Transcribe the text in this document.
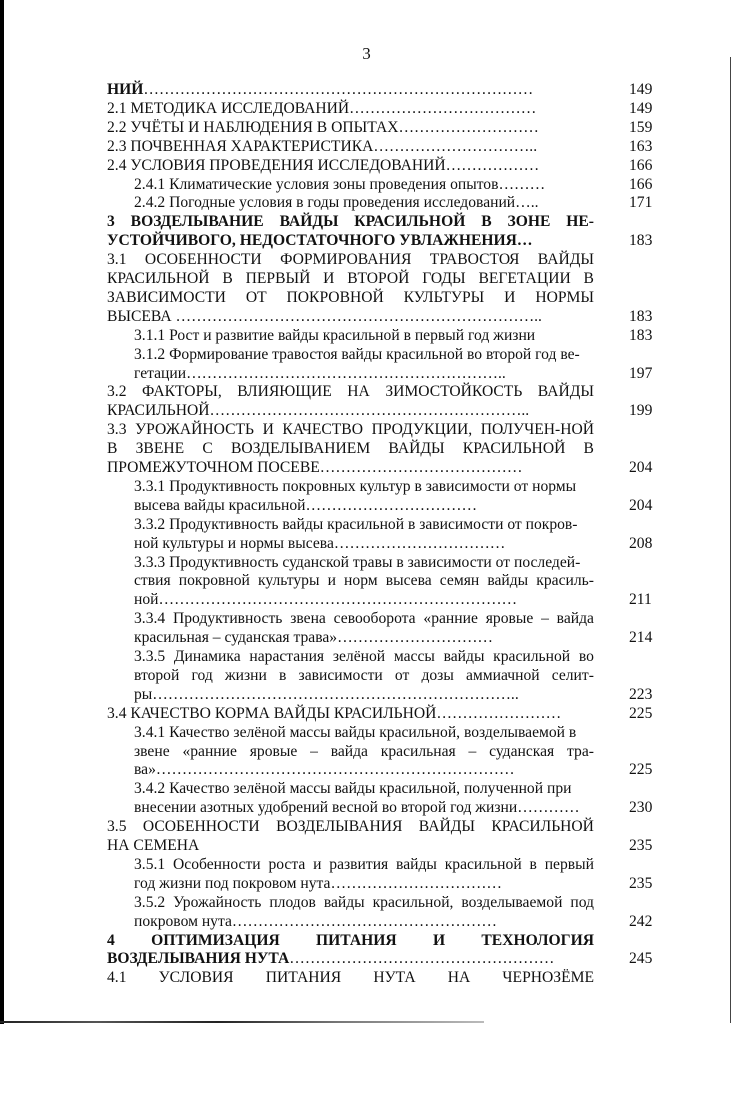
3
НИЙ…………………………………………………………………	149
2.1 МЕТОДИКА ИССЛЕДОВАНИЙ………………………………	149
2.2 УЧЁТЫ И НАБЛЮДЕНИЯ В ОПЫТАХ………………………	159
2.3 ПОЧВЕННАЯ ХАРАКТЕРИСТИКА…………………………..	163
2.4 УСЛОВИЯ ПРОВЕДЕНИЯ ИССЛЕДОВАНИЙ………………	166
2.4.1 Климатические условия зоны проведения опытов………	166
2.4.2 Погодные условия в годы проведения исследований…..	171
3 ВОЗДЕЛЫВАНИЕ ВАЙДЫ КРАСИЛЬНОЙ В ЗОНЕ НЕ-
УСТОЙЧИВОГО, НЕДОСТАТОЧНОГО УВЛАЖНЕНИЯ…	183
3.1 ОСОБЕННОСТИ ФОРМИРОВАНИЯ ТРАВОСТОЯ ВАЙДЫ
КРАСИЛЬНОЙ В ПЕРВЫЙ И ВТОРОЙ ГОДЫ ВЕГЕТАЦИИ В
ЗАВИСИМОСТИ ОТ ПОКРОВНОЙ КУЛЬТУРЫ И НОРМЫ
ВЫСЕВА ……………………………………………………………..	183
3.1.1 Рост и развитие вайды красильной в первый год жизни	183
3.1.2 Формирование травостоя вайды красильной во второй год ве-
гетации……………………………………………………..	197
3.2 ФАКТОРЫ, ВЛИЯЮЩИЕ НА ЗИМОСТОЙКОСТЬ ВАЙДЫ
КРАСИЛЬНОЙ……………………………………………………..	199
3.3 УРОЖАЙНОСТЬ И КАЧЕСТВО ПРОДУКЦИИ, ПОЛУЧЕН-НОЙ
В ЗВЕНЕ С ВОЗДЕЛЫВАНИЕМ ВАЙДЫ КРАСИЛЬНОЙ В
ПРОМЕЖУТОЧНОМ ПОСЕВЕ…………………………………	204
3.3.1 Продуктивность покровных культур в зависимости от нормы
высева вайды красильной……………………………	204
3.3.2 Продуктивность вайды красильной в зависимости от покров-
ной культуры и нормы высева……………………………	208
3.3.3 Продуктивность суданской травы в зависимости от последей-
ствия покровной культуры и норм высева семян вайды красиль-
ной……………………………………………………………	211
3.3.4 Продуктивность звена севооборота «ранние яровые – вайда
красильная – суданская трава»…………………………	214
3.3.5 Динамика нарастания зелёной массы вайды красильной во
второй год жизни в зависимости от дозы аммиачной селит-
ры……………………………………………………………..	223
3.4 КАЧЕСТВО КОРМА ВАЙДЫ КРАСИЛЬНОЙ……………………	225
3.4.1 Качество зелёной массы вайды красильной, возделываемой в
звене «ранние яровые – вайда красильная – суданская тра-
ва»……………………………………………………………	225
3.4.2 Качество зелёной массы вайды красильной, полученной при
внесении азотных удобрений весной во второй год жизни…………	230
3.5 ОСОБЕННОСТИ ВОЗДЕЛЫВАНИЯ ВАЙДЫ КРАСИЛЬНОЙ
НА СЕМЕНА	235
3.5.1 Особенности роста и развития вайды красильной в первый
год жизни под покровом нута……………………………	235
3.5.2 Урожайность плодов вайды красильной, возделываемой под
покровом нута……………………………………………	242
4 ОПТИМИЗАЦИЯ ПИТАНИЯ И ТЕХНОЛОГИЯ
ВОЗДЕЛЫВАНИЯ НУТА……………………………………………	245
4.1 УСЛОВИЯ ПИТАНИЯ НУТА НА ЧЕРНОЗЁМЕ
